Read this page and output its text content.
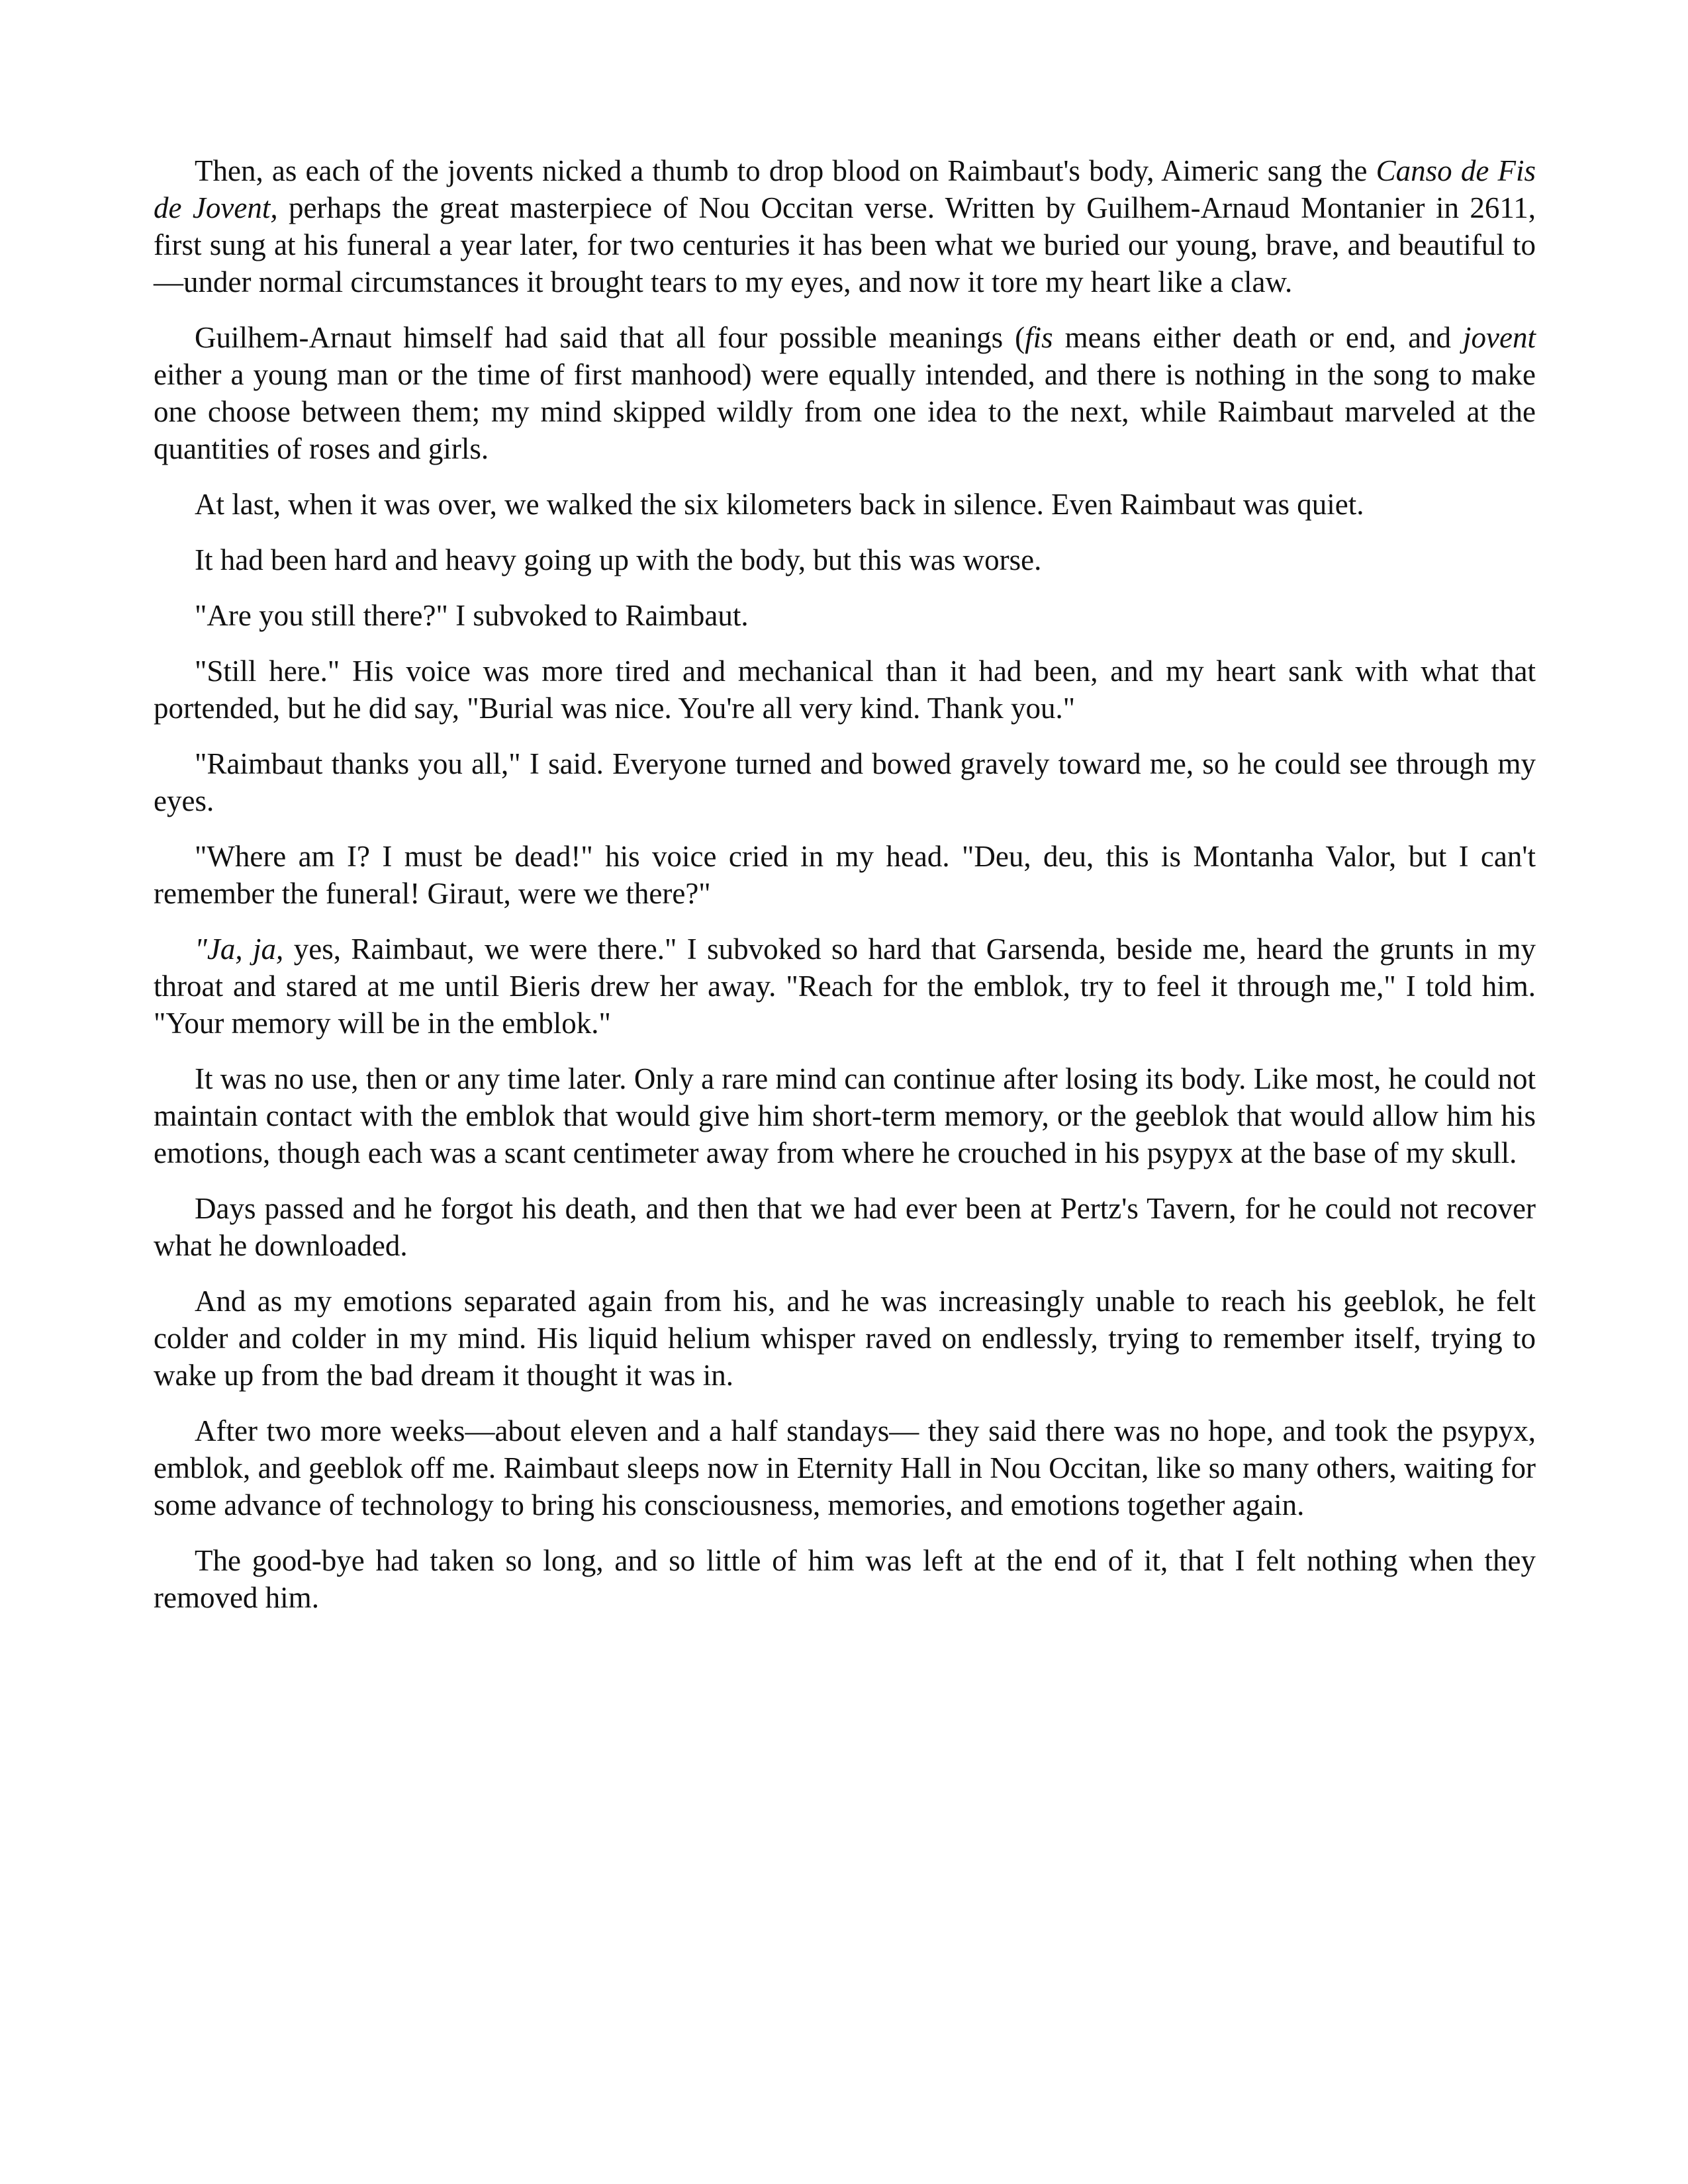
Then, as each of the jovents nicked a thumb to drop blood on Raimbaut's body, Aimeric sang the Canso de Fis de Jovent, perhaps the great masterpiece of Nou Occitan verse. Written by Guilhem-Arnaud Montanier in 2611, first sung at his funeral a year later, for two centuries it has been what we buried our young, brave, and beautiful to—under normal circumstances it brought tears to my eyes, and now it tore my heart like a claw.

Guilhem-Arnaut himself had said that all four possible meanings (fis means either death or end, and jovent either a young man or the time of first manhood) were equally intended, and there is nothing in the song to make one choose between them; my mind skipped wildly from one idea to the next, while Raimbaut marveled at the quantities of roses and girls.

At last, when it was over, we walked the six kilometers back in silence. Even Raimbaut was quiet.

It had been hard and heavy going up with the body, but this was worse.

"Are you still there?" I subvoked to Raimbaut.

"Still here." His voice was more tired and mechanical than it had been, and my heart sank with what that portended, but he did say, "Burial was nice. You're all very kind. Thank you."

"Raimbaut thanks you all," I said. Everyone turned and bowed gravely toward me, so he could see through my eyes.

"Where am I? I must be dead!" his voice cried in my head. "Deu, deu, this is Montanha Valor, but I can't remember the funeral! Giraut, were we there?"

"Ja, ja, yes, Raimbaut, we were there." I subvoked so hard that Garsenda, beside me, heard the grunts in my throat and stared at me until Bieris drew her away. "Reach for the emblok, try to feel it through me," I told him. "Your memory will be in the emblok."

It was no use, then or any time later. Only a rare mind can continue after losing its body. Like most, he could not maintain contact with the emblok that would give him short-term memory, or the geeblok that would allow him his emotions, though each was a scant centimeter away from where he crouched in his psypyx at the base of my skull.

Days passed and he forgot his death, and then that we had ever been at Pertz's Tavern, for he could not recover what he downloaded.

And as my emotions separated again from his, and he was increasingly unable to reach his geeblok, he felt colder and colder in my mind. His liquid helium whisper raved on endlessly, trying to remember itself, trying to wake up from the bad dream it thought it was in.

After two more weeks—about eleven and a half standays— they said there was no hope, and took the psypyx, emblok, and geeblok off me. Raimbaut sleeps now in Eternity Hall in Nou Occitan, like so many others, waiting for some advance of technology to bring his consciousness, memories, and emotions together again.

The good-bye had taken so long, and so little of him was left at the end of it, that I felt nothing when they removed him.
